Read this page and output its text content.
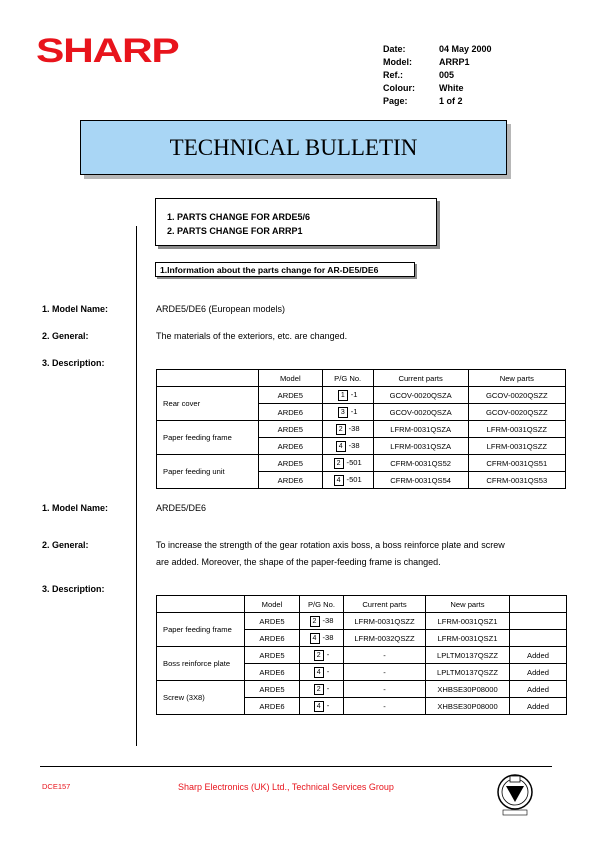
SHARP	Date:	04 May 2000
Model:	ARRP1
Ref.:	005
Colour:	White
Page:	1 of 2
TECHNICAL BULLETIN
1. PARTS CHANGE FOR ARDE5/6
2. PARTS CHANGE FOR ARRP1
1.Information about the parts change for AR-DE5/DE6
1. Model Name:	ARDE5/DE6 (European models)
2. General:	The materials of the exteriors, etc. are changed.
3. Description:
	Model	P/G No.	Current parts	New parts
Rear cover	ARDE5	1 -1	GCOV-0020QSZA	GCOV-0020QSZZ
	ARDE6	3 -1	GCOV-0020QSZA	GCOV-0020QSZZ
Paper feeding frame	ARDE5	2 -38	LFRM-0031QSZA	LFRM-0031QSZZ
	ARDE6	4 -38	LFRM-0031QSZA	LFRM-0031QSZZ
Paper feeding unit	ARDE5	2 -501	CFRM-0031QS52	CFRM-0031QS51
	ARDE6	4 -501	CFRM-0031QS54	CFRM-0031QS53
1. Model Name:	ARDE5/DE6
2. General:	To increase the strength of the gear rotation axis boss, a boss reinforce plate and screw
are added. Moreover, the shape of the paper-feeding frame is changed.
3. Description:
	Model	P/G No.	Current parts	New parts	
Paper feeding frame	ARDE5	2 -38	LFRM-0031QSZZ	LFRM-0031QSZ1	
	ARDE6	4 -38	LFRM-0032QSZZ	LFRM-0031QSZ1	
Boss reinforce plate	ARDE5	2 -	-	LPLTM0137QSZZ	Added
	ARDE6	4 -	-	LPLTM0137QSZZ	Added
Screw (3X8)	ARDE5	2 -	-	XHBSE30P08000	Added
	ARDE6	4 -	-	XHBSE30P08000	Added
DCE157	Sharp Electronics (UK) Ltd., Technical Services Group
